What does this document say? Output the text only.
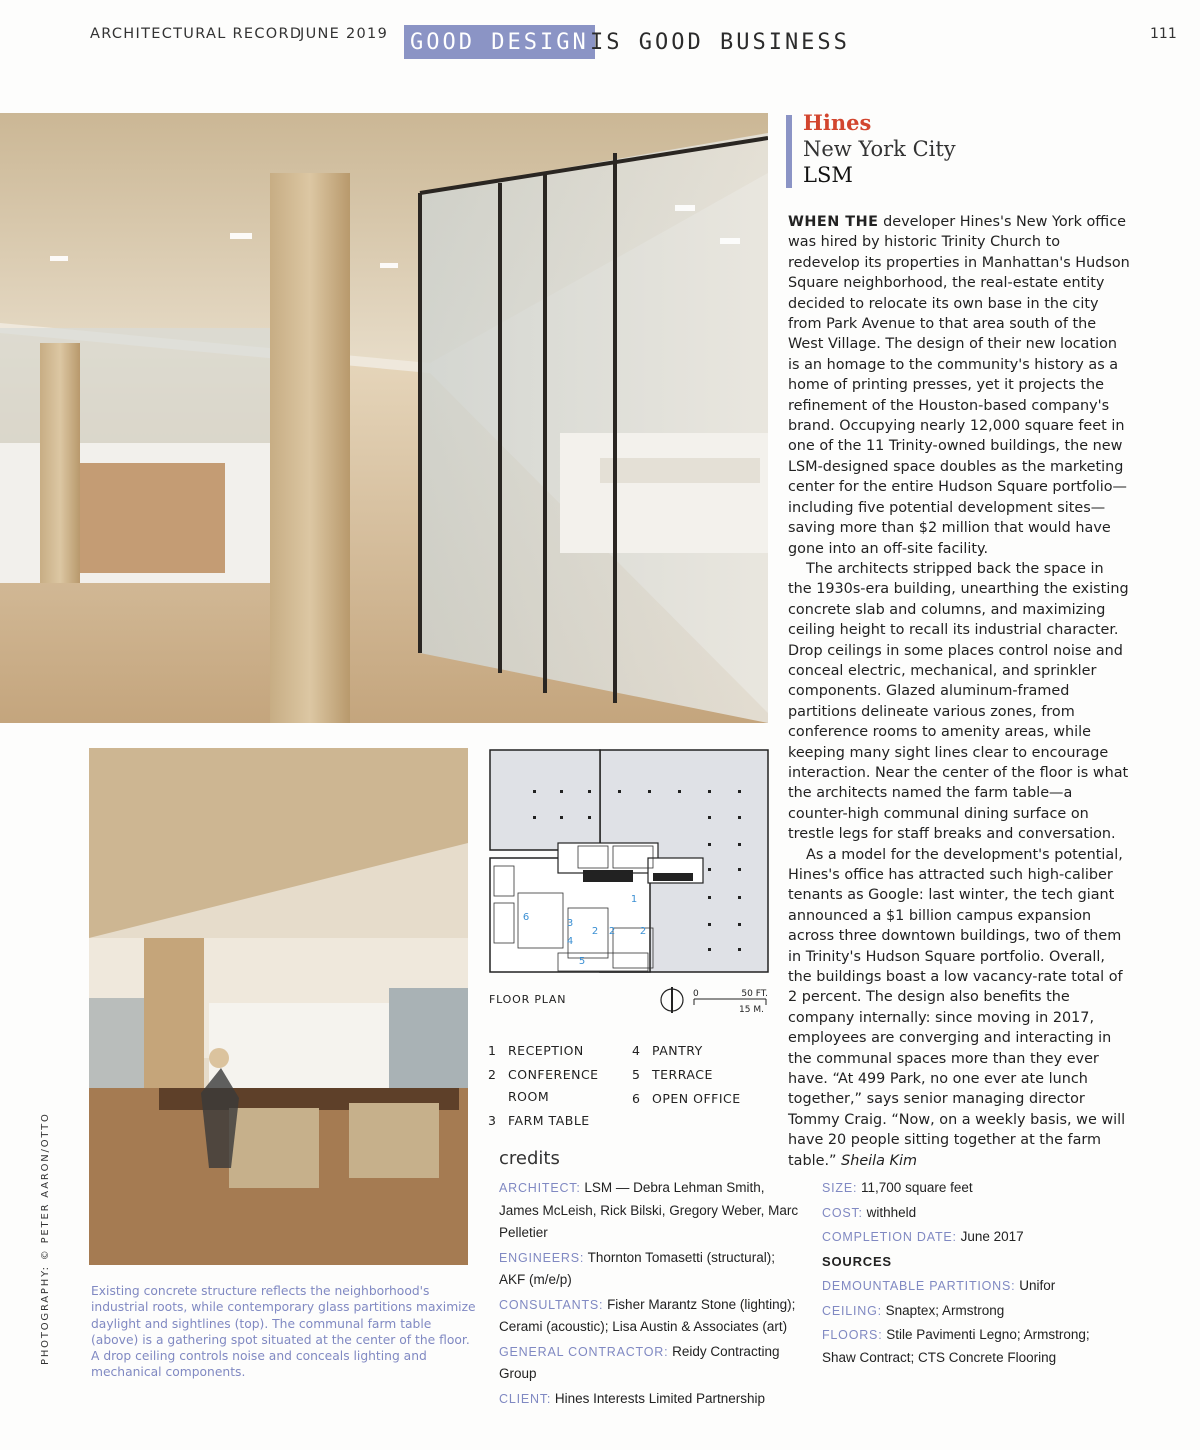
ARCHITECTURAL RECORD
JUNE 2019 GOOD DESIGN IS GOOD BUSINESS	111
PHOTOGRAPHY: © PETER AARON/OTTO	Existing concrete structure reflects the neighborhood's industrial roots, while contemporary glass partitions maximize daylight and sightlines (top). The communal farm table (above) is a gathering spot situated at the center of the floor. A drop ceiling controls noise and conceals lighting and mechanical components.
1
3
4
5
6
2 2 2
FLOOR PLAN	0	50 FT.
15 M.
1 RECEPTION
2 CONFERENCE ROOM
3 FARM TABLE
4 PANTRY
5 TERRACE
6 OPEN OFFICE
Hines
New York City
LSM

WHEN THE developer Hines's New York office was hired by historic Trinity Church to redevelop its properties in Manhattan's Hudson Square neighborhood, the real-estate entity decided to relocate its own base in the city from Park Avenue to that area south of the West Village. The design of their new location is an homage to the community's history as a home of printing presses, yet it projects the refinement of the Houston-based company's brand. Occupying nearly 12,000 square feet in one of the 11 Trinity-owned buildings, the new LSM-designed space doubles as the marketing center for the entire Hudson Square portfolio—including five potential development sites—saving more than $2 million that would have gone into an off-site facility.

The architects stripped back the space in the 1930s-era building, unearthing the existing concrete slab and columns, and maximizing ceiling height to recall its industrial character. Drop ceilings in some places control noise and conceal electric, mechanical, and sprinkler components. Glazed aluminum-framed partitions delineate various zones, from conference rooms to amenity areas, while keeping many sight lines clear to encourage interaction. Near the center of the floor is what the architects named the farm table—a counter-high communal dining surface on trestle legs for staff breaks and conversation.

As a model for the development's potential, Hines's office has attracted such high-caliber tenants as Google: last winter, the tech giant announced a $1 billion campus expansion across three downtown buildings, two of them in Trinity's Hudson Square portfolio. Overall, the buildings boast a low vacancy-rate total of 2 percent. The design also benefits the company internally: since moving in 2017, employees are converging and interacting in the communal spaces more than they ever have. “At 499 Park, no one ever ate lunch together,” says senior managing director Tommy Craig. “Now, on a weekly basis, we will have 20 people sitting together at the farm table.” Sheila Kim

credits

ARCHITECT: LSM — Debra Lehman Smith, James McLeish, Rick Bilski, Gregory Weber, Marc Pelletier

ENGINEERS: Thornton Tomasetti (structural); AKF (m/e/p)

CONSULTANTS: Fisher Marantz Stone (lighting); Cerami (acoustic); Lisa Austin & Associates (art)

GENERAL CONTRACTOR: Reidy Contracting Group

CLIENT: Hines Interests Limited Partnership

SIZE: 11,700 square feet

COST: withheld

COMPLETION DATE: June 2017

SOURCES

DEMOUNTABLE PARTITIONS: Unifor

CEILING: Snaptex; Armstrong

FLOORS: Stile Pavimenti Legno; Armstrong; Shaw Contract; CTS Concrete Flooring
